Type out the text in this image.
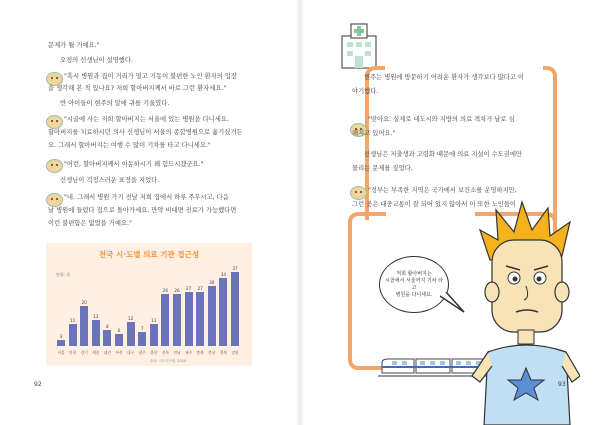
문제가 될 거예요."
오정의 선생님이 설명했다.
"혹시 병원과 집이 거리가 멀고 기동이 불편한 노인 환자의 입장
을 생각해 본 적 있나요? 저희 할아버지께서 바로 그런 환자세요."
반 아이들이 현주의 말에 귀를 기울였다.
"시골에 사는 저희 할아버지는 서울에 있는 병원을 다니세요.
할아버지를 치료하시던 의사 선생님이 서울의 종합병원으로 옮기셨거든
요. 그래서 할아버지는 여행 수 많이 기차를 타고 다니세요."
"어런, 할아버지께서 이동하시기 꽤 힘드시겠군요."
선생님이 걱정스러운 표정을 지었다.
"네. 그래서 병원 가기 전날 저희 집에서 하루 주무시고, 다음
날 병원에 들렀다 집으로 돌아가세요. 만약 비대면 진료가 가능했다면
이런 불편함은 없었을 거예요."
전국 시·도별 의료 기관 접근성
단위: 분
3
서울
11
인천
20
경기
13
세종
8
대전
6
부산
12
대구
7
광주
11
울산
26
전북
26
전남
27
제주
27
충북
30
충남
34
경북
37
강원
출처: 국토연구원, 2020
92
현주는 병원에 방문하기 어려운 환자가 생각보다 많다고 이
야기했다.
"맞아요. 실제로 대도시와 지방의 의료 격차가 날로 심
해지고 있어요."
선생님은 저출생과 고령화 때문에 의료 지설이 수도권에만
몰리는 문제를 짚었다.
"정부는 부족한 지역은 국가에서 보건소를 운영하지만,
그런 곳은 대중교통이 잘 되어 있지 않아서 이 또한 노인들이
저희 할아버지는
시골에서 서울까지 기차 타고
병원을 다니세요.
93
